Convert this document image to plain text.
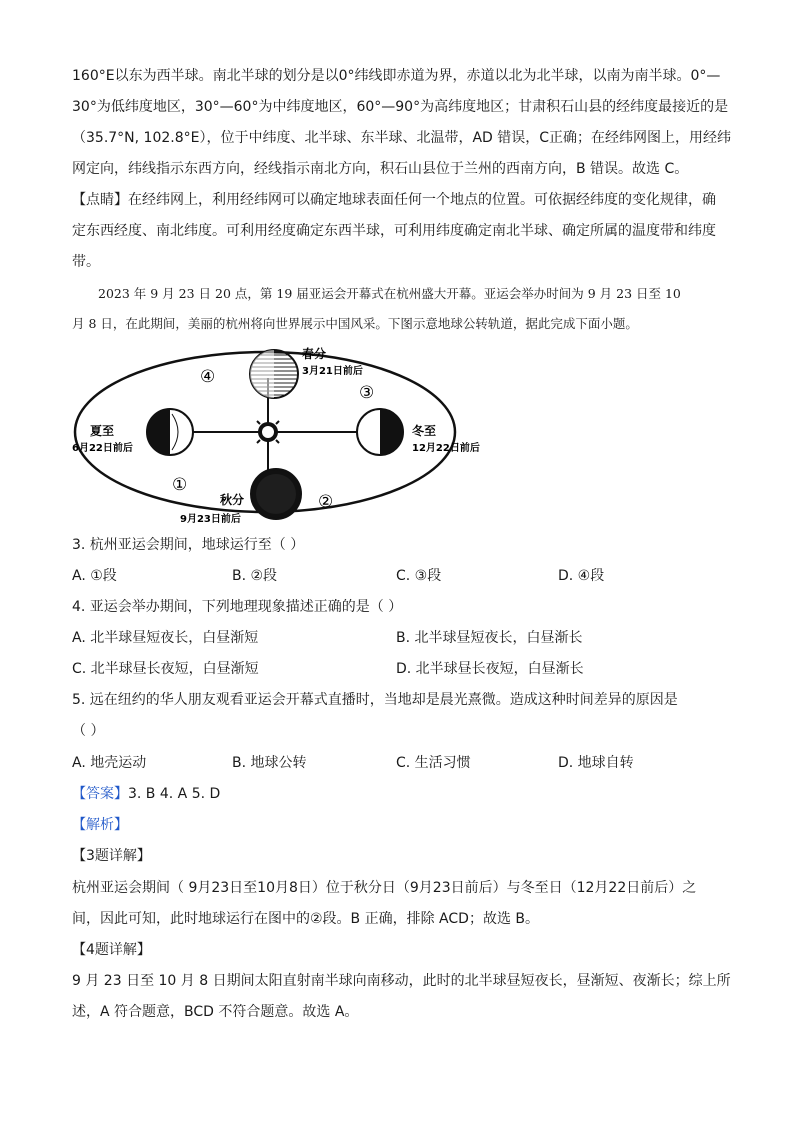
160°E以东为西半球。南北半球的划分是以0°纬线即赤道为界，赤道以北为北半球，以南为南半球。0°—
30°为低纬度地区，30°—60°为中纬度地区，60°—90°为高纬度地区；甘肃积石山县的经纬度最接近的是
（35.7°N, 102.8°E），位于中纬度、北半球、东半球、北温带，AD 错误，C正确；在经纬网图上，用经纬
网定向，纬线指示东西方向，经线指示南北方向，积石山县位于兰州的西南方向，B 错误。故选 C。
【点睛】在经纬网上，利用经纬网可以确定地球表面任何一个地点的位置。可依据经纬度的变化规律，确
定东西经度、南北纬度。可利用经度确定东西半球，可利用纬度确定南北半球、确定所属的温度带和纬度
带。
2023 年 9 月 23 日 20 点，第 19 届亚运会开幕式在杭州盛大开幕。亚运会举办时间为 9 月 23 日至 10
月 8 日，在此期间，美丽的杭州将向世界展示中国风采。下图示意地球公转轨道，据此完成下面小题。
春分
3月21日前后
夏至
6月22日前后
冬至
12月22日前后
秋分
9月23日前后
①
②
③
④
3. 杭州亚运会期间，地球运行至（ ）
A. ①段	B. ②段	C. ③段	D. ④段
4. 亚运会举办期间，下列地理现象描述正确的是（ ）
A. 北半球昼短夜长，白昼渐短	B. 北半球昼短夜长，白昼渐长
C. 北半球昼长夜短，白昼渐短	D. 北半球昼长夜短，白昼渐长
5. 远在纽约的华人朋友观看亚运会开幕式直播时，当地却是晨光熹微。造成这种时间差异的原因是
（ ）
A. 地壳运动	B. 地球公转	C. 生活习惯	D. 地球自转
【答案】3. B 4. A 5. D
【解析】
【3题详解】
杭州亚运会期间（ 9月23日至10月8日）位于秋分日（9月23日前后）与冬至日（12月22日前后）之
间，因此可知，此时地球运行在图中的②段。B 正确，排除 ACD；故选 B。
【4题详解】
9 月 23 日至 10 月 8 日期间太阳直射南半球向南移动，此时的北半球昼短夜长，昼渐短、夜渐长；综上所
述，A 符合题意，BCD 不符合题意。故选 A。
